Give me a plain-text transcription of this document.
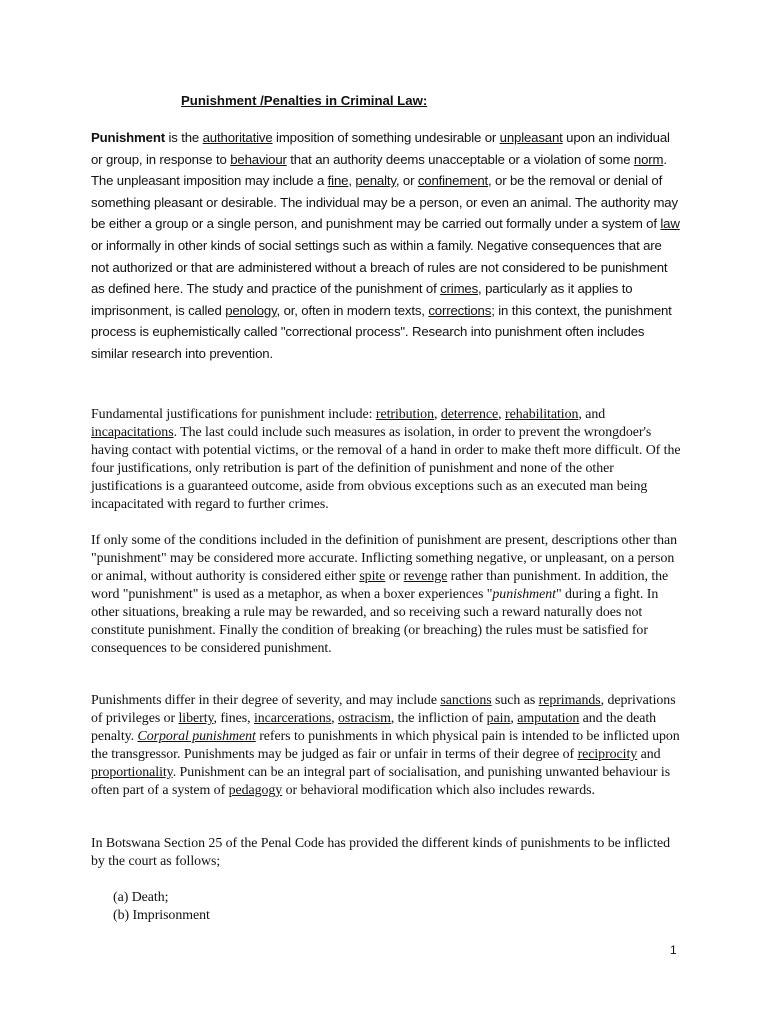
Punishment /Penalties in Criminal Law:

Punishment is the authoritative imposition of something undesirable or unpleasant upon an individual or group, in response to behaviour that an authority deems unacceptable or a violation of some norm. The unpleasant imposition may include a fine, penalty, or confinement, or be the removal or denial of something pleasant or desirable. The individual may be a person, or even an animal. The authority may be either a group or a single person, and punishment may be carried out formally under a system of law or informally in other kinds of social settings such as within a family. Negative consequences that are not authorized or that are administered without a breach of rules are not considered to be punishment as defined here. The study and practice of the punishment of crimes, particularly as it applies to imprisonment, is called penology, or, often in modern texts, corrections; in this context, the punishment process is euphemistically called "correctional process". Research into punishment often includes similar research into prevention.

Fundamental justifications for punishment include: retribution, deterrence, rehabilitation, and incapacitations. The last could include such measures as isolation, in order to prevent the wrongdoer's having contact with potential victims, or the removal of a hand in order to make theft more difficult. Of the four justifications, only retribution is part of the definition of punishment and none of the other justifications is a guaranteed outcome, aside from obvious exceptions such as an executed man being incapacitated with regard to further crimes.

If only some of the conditions included in the definition of punishment are present, descriptions other than "punishment" may be considered more accurate. Inflicting something negative, or unpleasant, on a person or animal, without authority is considered either spite or revenge rather than punishment. In addition, the word "punishment" is used as a metaphor, as when a boxer experiences "punishment" during a fight. In other situations, breaking a rule may be rewarded, and so receiving such a reward naturally does not constitute punishment. Finally the condition of breaking (or breaching) the rules must be satisfied for consequences to be considered punishment.

Punishments differ in their degree of severity, and may include sanctions such as reprimands, deprivations of privileges or liberty, fines, incarcerations, ostracism, the infliction of pain, amputation and the death penalty. Corporal punishment refers to punishments in which physical pain is intended to be inflicted upon the transgressor. Punishments may be judged as fair or unfair in terms of their degree of reciprocity and proportionality. Punishment can be an integral part of socialisation, and punishing unwanted behaviour is often part of a system of pedagogy or behavioral modification which also includes rewards.

In Botswana Section 25 of the Penal Code has provided the different kinds of punishments to be inflicted by the court as follows;

(a) Death;
(b) Imprisonment
1
